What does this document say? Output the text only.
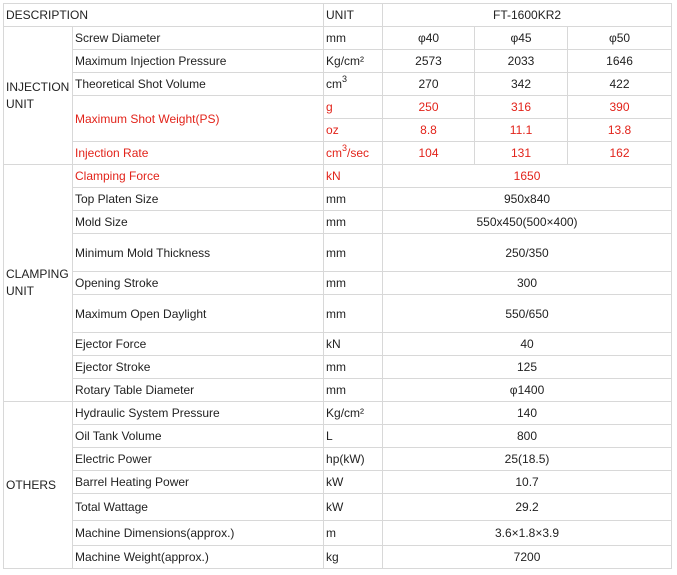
DESCRIPTION		UNIT	FT-1600KR2		
INJECTION UNIT	Screw Diameter	mm	φ40	φ45	φ50
	Maximum Injection Pressure	Kg/cm²	2573	2033	1646
	Theoretical Shot Volume	$cm^3$	270	342	422
	Maximum Shot Weight(PS)	g	250	316	390
		oz	8.8	11.1	13.8
	Injection Rate	$cm^3/\sec$	104	131	162
CLAMPING UNIT	Clamping Force	kN	1650		
	Top Platen Size	mm	950x840		
	Mold Size	mm	550x450(500×400)		
	Minimum Mold Thickness	mm	250/350		
	Opening Stroke	mm	300		
	Maximum Open Daylight	mm	550/650		
	Ejector Force	kN	40		
	Ejector Stroke	mm	125		
	Rotary Table Diameter	mm	φ1400		
OTHERS	Hydraulic System Pressure	Kg/cm²	140		
	Oil Tank Volume	L	800		
	Electric Power	hp(kW)	25(18.5)		
	Barrel Heating Power	kW	10.7		
	Total Wattage	kW	29.2		
	Machine Dimensions(approx.)	m	3.6×1.8×3.9		
	Machine Weight(approx.)	kg	7200		
